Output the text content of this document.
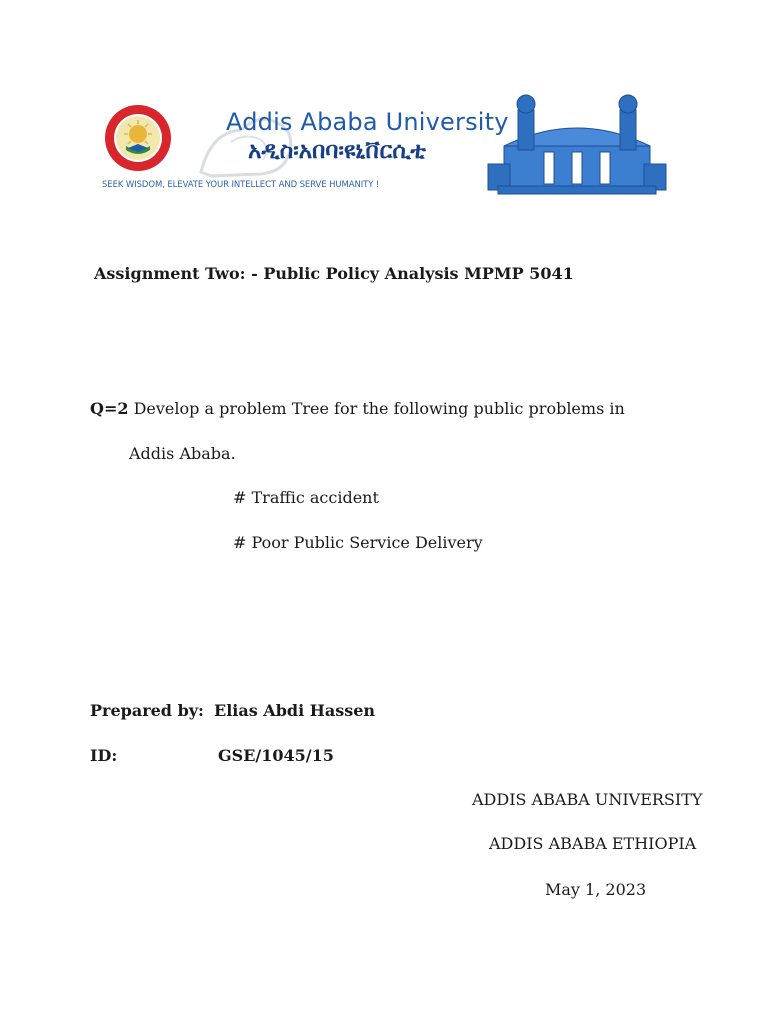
Addis Ababa University
አዲስ፡አበባ፡ዩኒቨርሲቲ
SEEK WISDOM, ELEVATE YOUR INTELLECT AND SERVE HUMANITY !
Assignment Two: - Public Policy Analysis MPMP 5041
Q=2 Develop a problem Tree for the following public problems in
Addis Ababa.
# Traffic accident
# Poor Public Service Delivery
Prepared by: Elias Abdi Hassen
ID:	GSE/1045/15
ADDIS ABABA UNIVERSITY
ADDIS ABABA ETHIOPIA
May 1, 2023
